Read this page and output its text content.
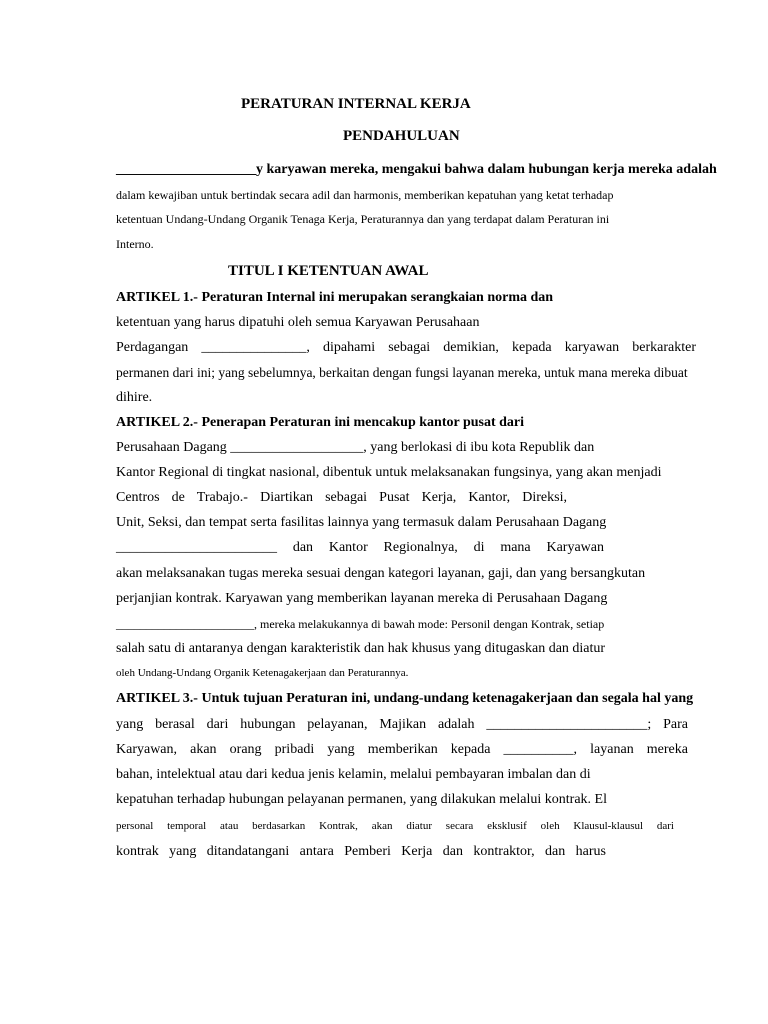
PERATURAN INTERNAL KERJA

PENDAHULUAN

____________________y karyawan mereka, mengakui bahwa dalam hubungan kerja mereka adalah

dalam kewajiban untuk bertindak secara adil dan harmonis, memberikan kepatuhan yang ketat terhadap

ketentuan Undang-Undang Organik Tenaga Kerja, Peraturannya dan yang terdapat dalam Peraturan ini

Interno.

TITUL I KETENTUAN AWAL

ARTIKEL 1.- Peraturan Internal ini merupakan serangkaian norma dan

ketentuan yang harus dipatuhi oleh semua Karyawan Perusahaan

Perdagangan _______________, dipahami sebagai demikian, kepada karyawan berkarakter

permanen dari ini; yang sebelumnya, berkaitan dengan fungsi layanan mereka, untuk mana mereka dibuat

dihire.

ARTIKEL 2.- Penerapan Peraturan ini mencakup kantor pusat dari

Perusahaan Dagang ___________________, yang berlokasi di ibu kota Republik dan

Kantor Regional di tingkat nasional, dibentuk untuk melaksanakan fungsinya, yang akan menjadi

Centros de Trabajo.- Diartikan sebagai Pusat Kerja, Kantor, Direksi,

Unit, Seksi, dan tempat serta fasilitas lainnya yang termasuk dalam Perusahaan Dagang

_______________________ dan Kantor Regionalnya, di mana Karyawan

akan melaksanakan tugas mereka sesuai dengan kategori layanan, gaji, dan yang bersangkutan

perjanjian kontrak. Karyawan yang memberikan layanan mereka di Perusahaan Dagang

_______________________, mereka melakukannya di bawah mode: Personil dengan Kontrak, setiap

salah satu di antaranya dengan karakteristik dan hak khusus yang ditugaskan dan diatur

oleh Undang-Undang Organik Ketenagakerjaan dan Peraturannya.

ARTIKEL 3.- Untuk tujuan Peraturan ini, undang-undang ketenagakerjaan dan segala hal yang

yang berasal dari hubungan pelayanan, Majikan adalah _______________________; Para

Karyawan, akan orang pribadi yang memberikan kepada __________, layanan mereka

bahan, intelektual atau dari kedua jenis kelamin, melalui pembayaran imbalan dan di

kepatuhan terhadap hubungan pelayanan permanen, yang dilakukan melalui kontrak. El

personal temporal atau berdasarkan Kontrak, akan diatur secara eksklusif oleh Klausul-klausul dari

kontrak yang ditandatangani antara Pemberi Kerja dan kontraktor, dan harus
